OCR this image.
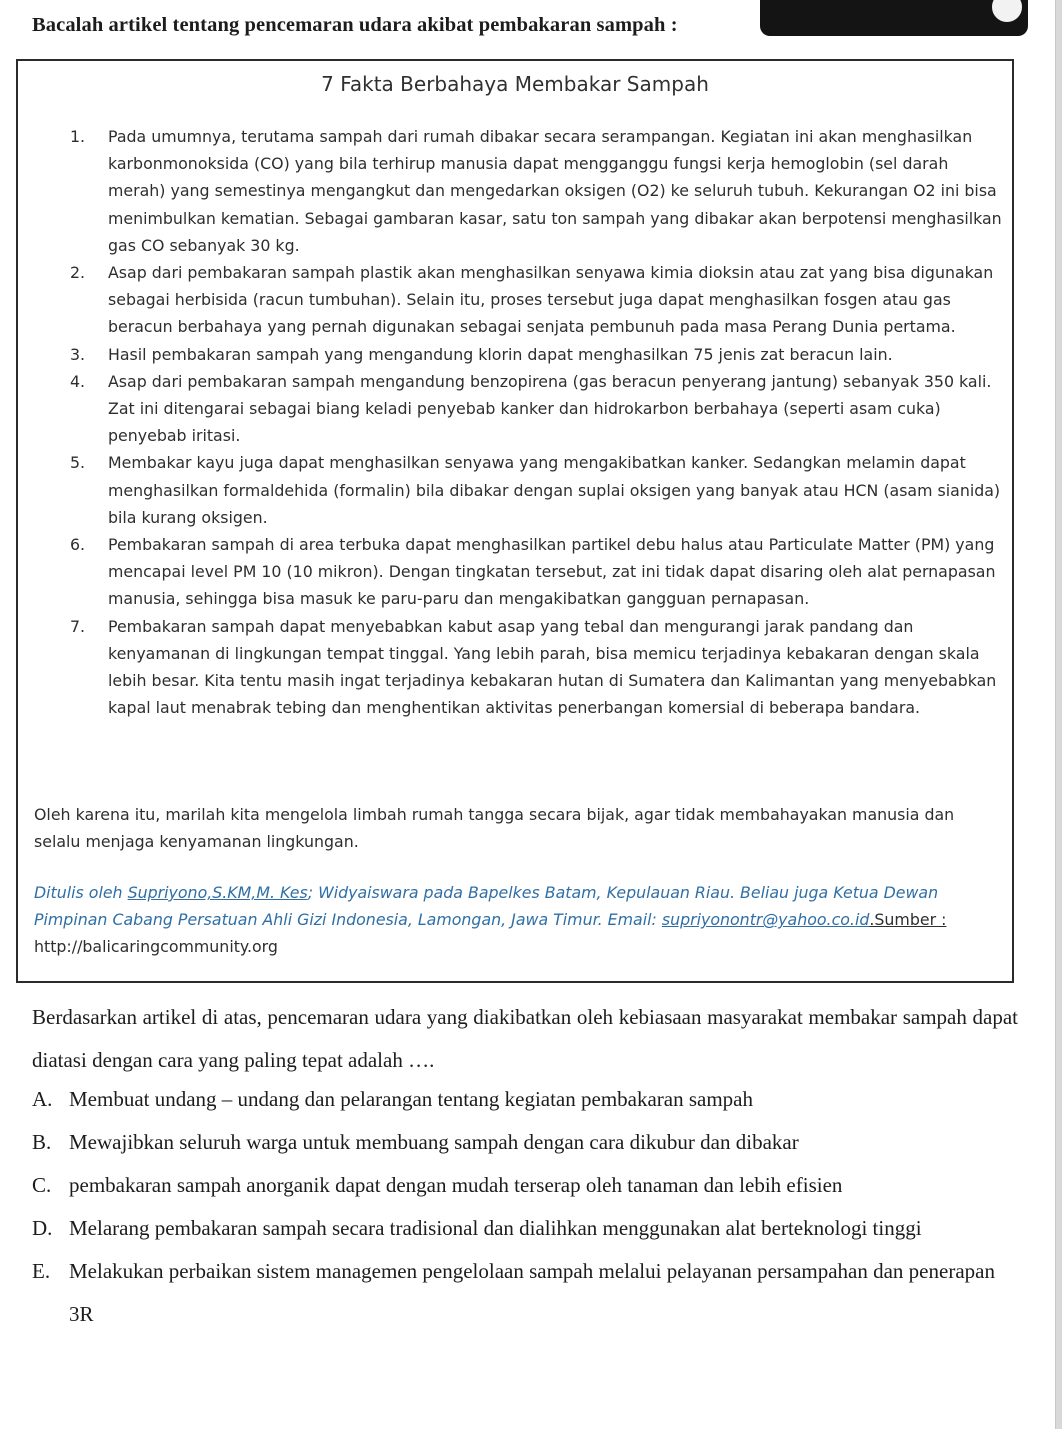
Bacalah artikel tentang pencemaran udara akibat pembakaran sampah :
7 Fakta Berbahaya Membakar Sampah
1. Pada umumnya, terutama sampah dari rumah dibakar secara serampangan. Kegiatan ini akan menghasilkan karbonmonoksida (CO) yang bila terhirup manusia dapat mengganggu fungsi kerja hemoglobin (sel darah merah) yang semestinya mengangkut dan mengedarkan oksigen (O2) ke seluruh tubuh. Kekurangan O2 ini bisa menimbulkan kematian. Sebagai gambaran kasar, satu ton sampah yang dibakar akan berpotensi menghasilkan gas CO sebanyak 30 kg.
2. Asap dari pembakaran sampah plastik akan menghasilkan senyawa kimia dioksin atau zat yang bisa digunakan sebagai herbisida (racun tumbuhan). Selain itu, proses tersebut juga dapat menghasilkan fosgen atau gas beracun berbahaya yang pernah digunakan sebagai senjata pembunuh pada masa Perang Dunia pertama.
3. Hasil pembakaran sampah yang mengandung klorin dapat menghasilkan 75 jenis zat beracun lain.
4. Asap dari pembakaran sampah mengandung benzopirena (gas beracun penyerang jantung) sebanyak 350 kali. Zat ini ditengarai sebagai biang keladi penyebab kanker dan hidrokarbon berbahaya (seperti asam cuka) penyebab iritasi.
5. Membakar kayu juga dapat menghasilkan senyawa yang mengakibatkan kanker. Sedangkan melamin dapat menghasilkan formaldehida (formalin) bila dibakar dengan suplai oksigen yang banyak atau HCN (asam sianida) bila kurang oksigen.
6. Pembakaran sampah di area terbuka dapat menghasilkan partikel debu halus atau Particulate Matter (PM) yang mencapai level PM 10 (10 mikron). Dengan tingkatan tersebut, zat ini tidak dapat disaring oleh alat pernapasan manusia, sehingga bisa masuk ke paru-paru dan mengakibatkan gangguan pernapasan.
7. Pembakaran sampah dapat menyebabkan kabut asap yang tebal dan mengurangi jarak pandang dan kenyamanan di lingkungan tempat tinggal. Yang lebih parah, bisa memicu terjadinya kebakaran dengan skala lebih besar. Kita tentu masih ingat terjadinya kebakaran hutan di Sumatera dan Kalimantan yang menyebabkan kapal laut menabrak tebing dan menghentikan aktivitas penerbangan komersial di beberapa bandara.
Oleh karena itu, marilah kita mengelola limbah rumah tangga secara bijak, agar tidak membahayakan manusia dan selalu menjaga kenyamanan lingkungan.
Ditulis oleh Supriyono,S.KM,M. Kes; Widyaiswara pada Bapelkes Batam, Kepulauan Riau. Beliau juga Ketua Dewan Pimpinan Cabang Persatuan Ahli Gizi Indonesia, Lamongan, Jawa Timur. Email: supriyonontr@yahoo.co.id.Sumber : http://balicaringcommunity.org
Berdasarkan artikel di atas, pencemaran udara yang diakibatkan oleh kebiasaan masyarakat membakar sampah dapat diatasi dengan cara yang paling tepat adalah ….
A. Membuat undang – undang dan pelarangan tentang kegiatan pembakaran sampah
B. Mewajibkan seluruh warga untuk membuang sampah dengan cara dikubur dan dibakar
C. pembakaran sampah anorganik dapat dengan mudah terserap oleh tanaman dan lebih efisien
D. Melarang pembakaran sampah secara tradisional dan dialihkan menggunakan alat berteknologi tinggi
E. Melakukan perbaikan sistem managemen pengelolaan sampah melalui pelayanan persampahan dan penerapan 3R
